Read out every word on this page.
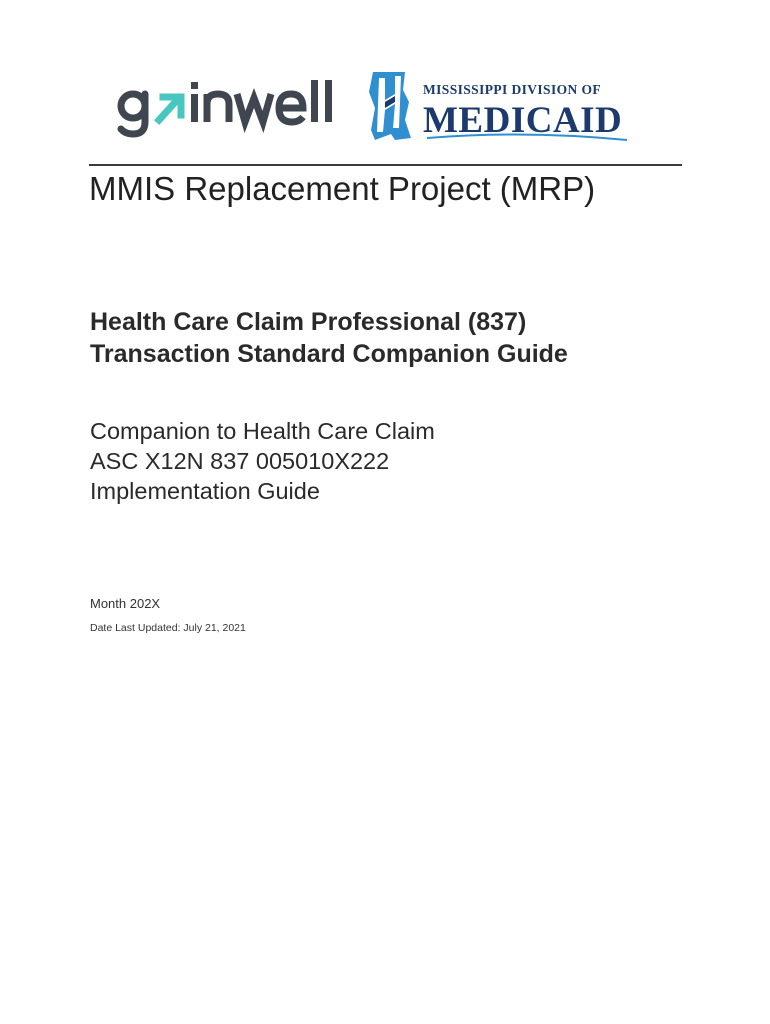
MISSISSIPPI DIVISION OF
MEDICAID
MMIS Replacement Project (MRP)
Health Care Claim Professional (837)
Transaction Standard Companion Guide
Companion to Health Care Claim
ASC X12N 837 005010X222
Implementation Guide

Month 202X

Date Last Updated: July 21, 2021
